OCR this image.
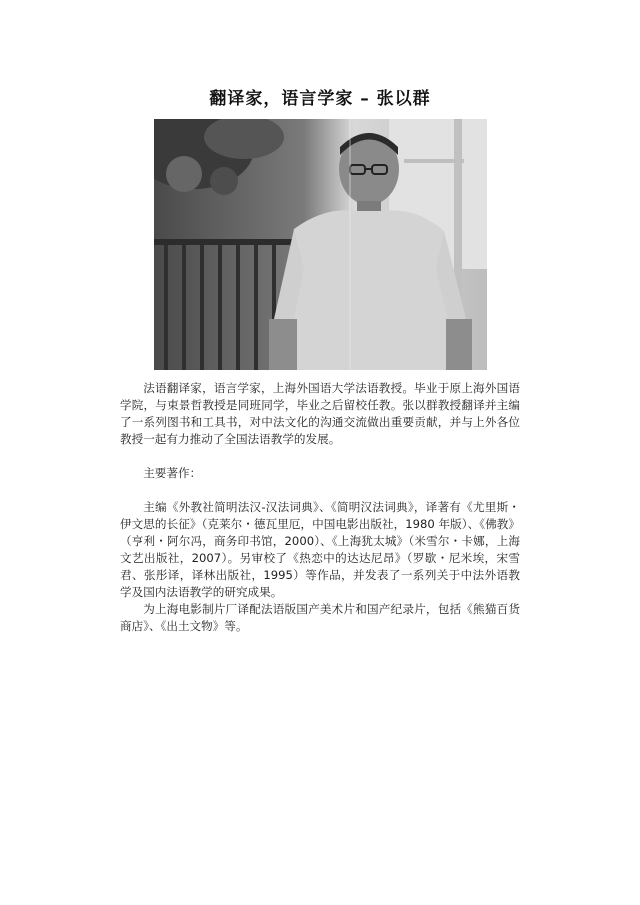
翻译家，语言学家 – 张以群

法语翻译家，语言学家，上海外国语大学法语教授。毕业于原上海外国语学院，与束景哲教授是同班同学，毕业之后留校任教。张以群教授翻译并主编了一系列图书和工具书，对中法文化的沟通交流做出重要贡献，并与上外各位教授一起有力推动了全国法语教学的发展。

主要著作：

主编《外教社简明法汉-汉法词典》、《简明汉法词典》，译著有《尤里斯・伊文思的长征》（克莱尔・德瓦里厄，中国电影出版社，1980 年版）、《佛教》（亨利・阿尔冯，商务印书馆，2000）、《上海犹太城》（米雪尔・卡娜，上海文艺出版社，2007）。另审校了《热恋中的达达尼昂》（罗歇・尼米埃，宋雪君、张彤译，译林出版社，1995）等作品，并发表了一系列关于中法外语教学及国内法语教学的研究成果。

为上海电影制片厂译配法语版国产美术片和国产纪录片，包括《熊猫百货商店》、《出土文物》等。
